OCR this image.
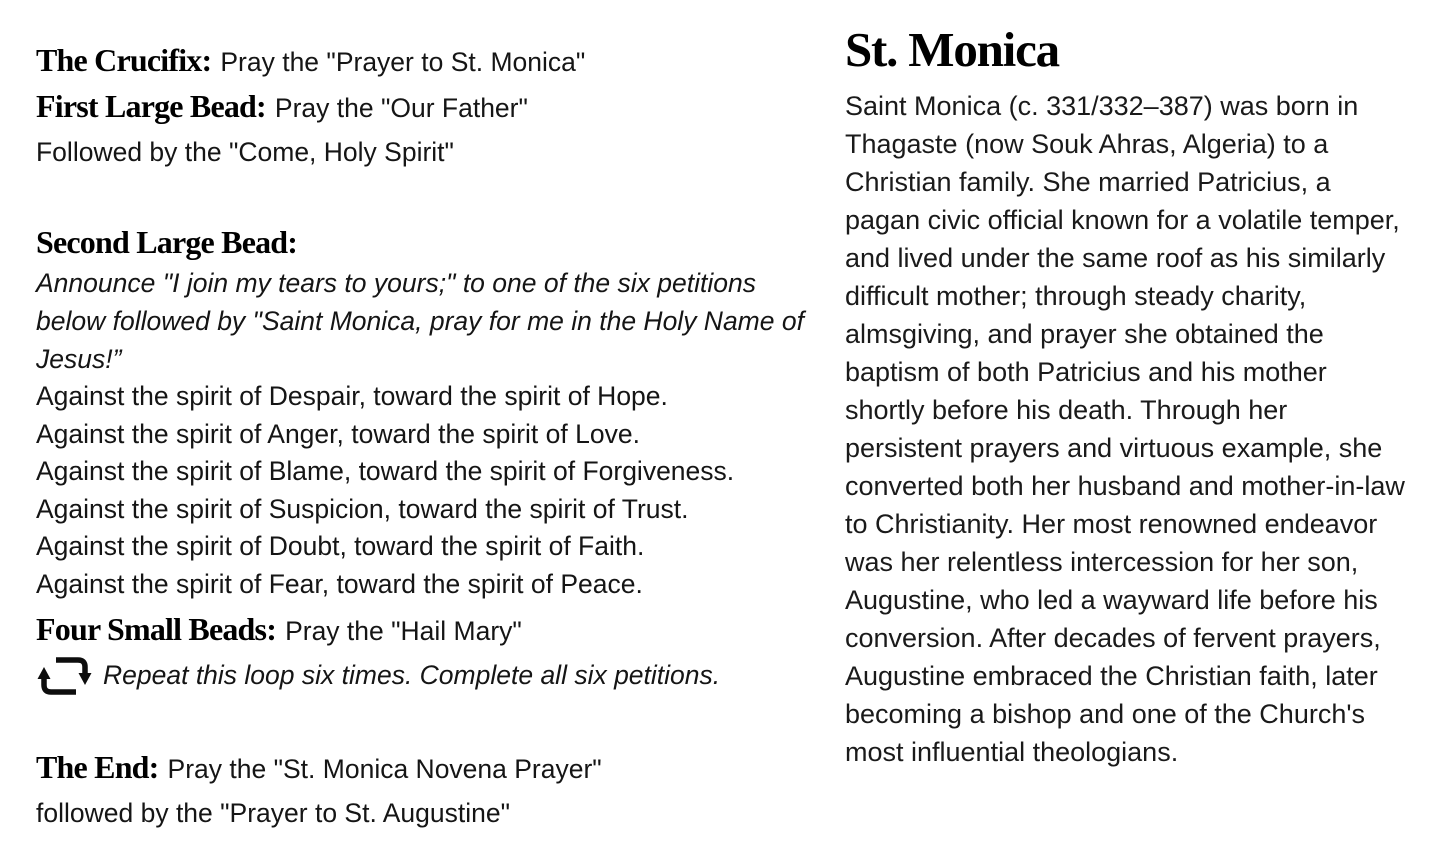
The Crucifix: Pray the "Prayer to St. Monica"
First Large Bead: Pray the "Our Father"
Followed by the "Come, Holy Spirit"
Second Large Bead:
Announce "I join my tears to yours;" to one of the six petitions below followed by "Saint Monica, pray for me in the Holy Name of Jesus!”
Against the spirit of Despair, toward the spirit of Hope.
Against the spirit of Anger, toward the spirit of Love.
Against the spirit of Blame, toward the spirit of Forgiveness.
Against the spirit of Suspicion, toward the spirit of Trust.
Against the spirit of Doubt, toward the spirit of Faith.
Against the spirit of Fear, toward the spirit of Peace.
Four Small Beads: Pray the "Hail Mary"
Repeat this loop six times. Complete all six petitions.
The End: Pray the "St. Monica Novena Prayer"
followed by the "Prayer to St. Augustine"
St. Monica

Saint Monica (c. 331/332–387) was born in Thagaste (now Souk Ahras, Algeria) to a Christian family. She married Patricius, a pagan civic official known for a volatile temper, and lived under the same roof as his similarly difficult mother; through steady charity, almsgiving, and prayer she obtained the baptism of both Patricius and his mother shortly before his death. Through her persistent prayers and virtuous example, she converted both her husband and mother-in-law to Christianity. Her most renowned endeavor was her relentless intercession for her son, Augustine, who led a wayward life before his conversion. After decades of fervent prayers, Augustine embraced the Christian faith, later becoming a bishop and one of the Church's most influential theologians.
